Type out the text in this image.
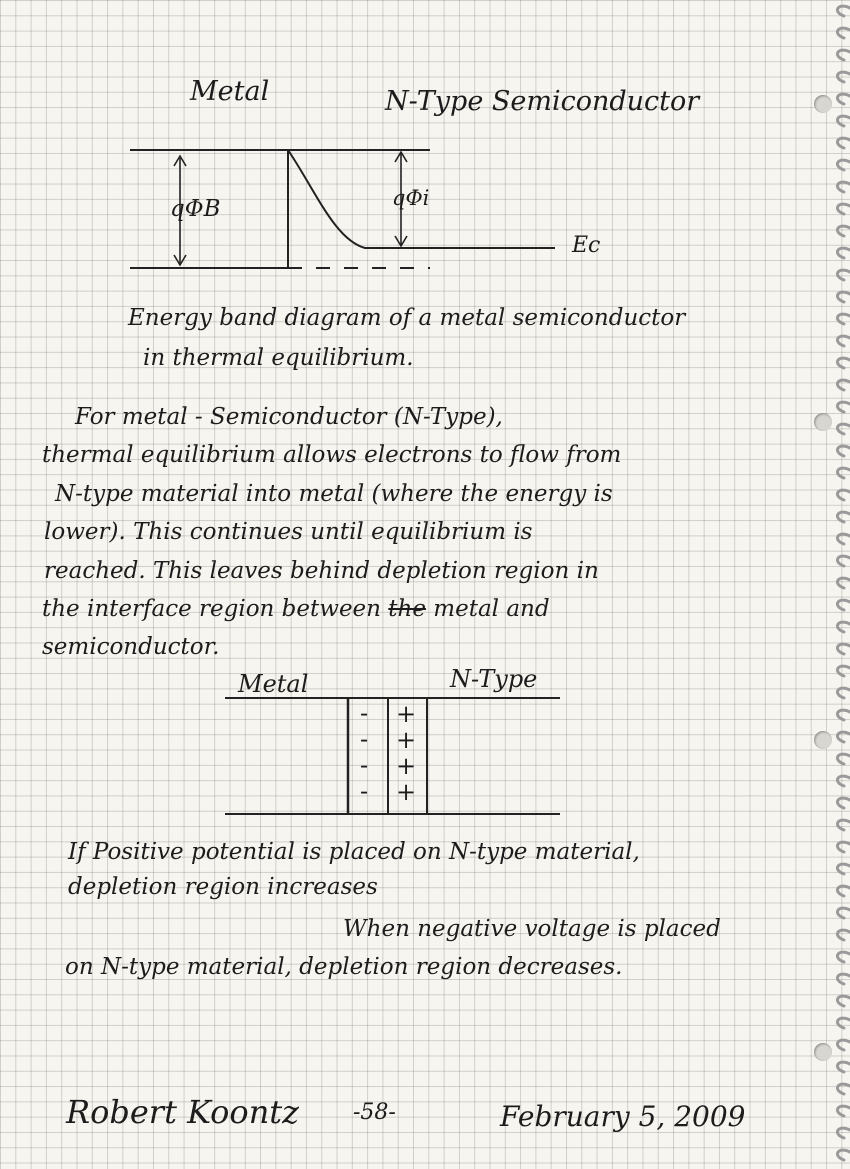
Metal	N-Type Semiconductor

qΦB	qΦi

Ec

Energy band diagram of a metal semiconductor

in thermal equilibrium.

For metal - Semiconductor (N-Type),

thermal equilibrium allows electrons to flow from

N-type material into metal (where the energy is

lower). This continues until equilibrium is

reached. This leaves behind depletion region in

the interface region between the metal and

semiconductor.

Metal	N-Type

-

-

-

-

+

+

+

+

If Positive potential is placed on N-type material,

depletion region increases

When negative voltage is placed

on N-type material, depletion region decreases.

Robert Koontz -58-	February 5, 2009
